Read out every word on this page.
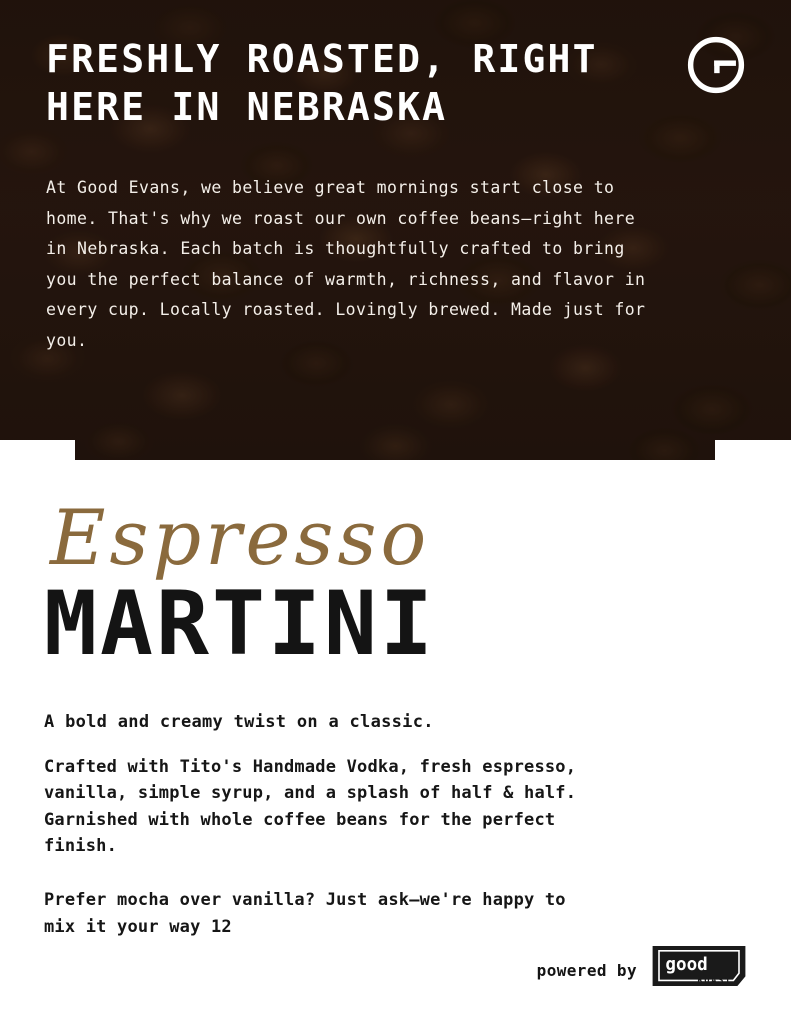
FRESHLY ROASTED, RIGHT HERE IN NEBRASKA

At Good Evans, we believe great mornings start close to home. That's why we roast our own coffee beans—right here in Nebraska. Each batch is thoughtfully crafted to bring you the perfect balance of warmth, richness, and flavor in every cup. Locally roasted. Lovingly brewed. Made just for you.

Espresso
MARTINI

A bold and creamy twist on a classic.

Crafted with Tito's Handmade Vodka, fresh espresso, vanilla, simple syrup, and a splash of half & half. Garnished with whole coffee beans for the perfect finish.

Prefer mocha over vanilla? Just ask—we're happy to mix it your way 12

powered by good
ROAST
